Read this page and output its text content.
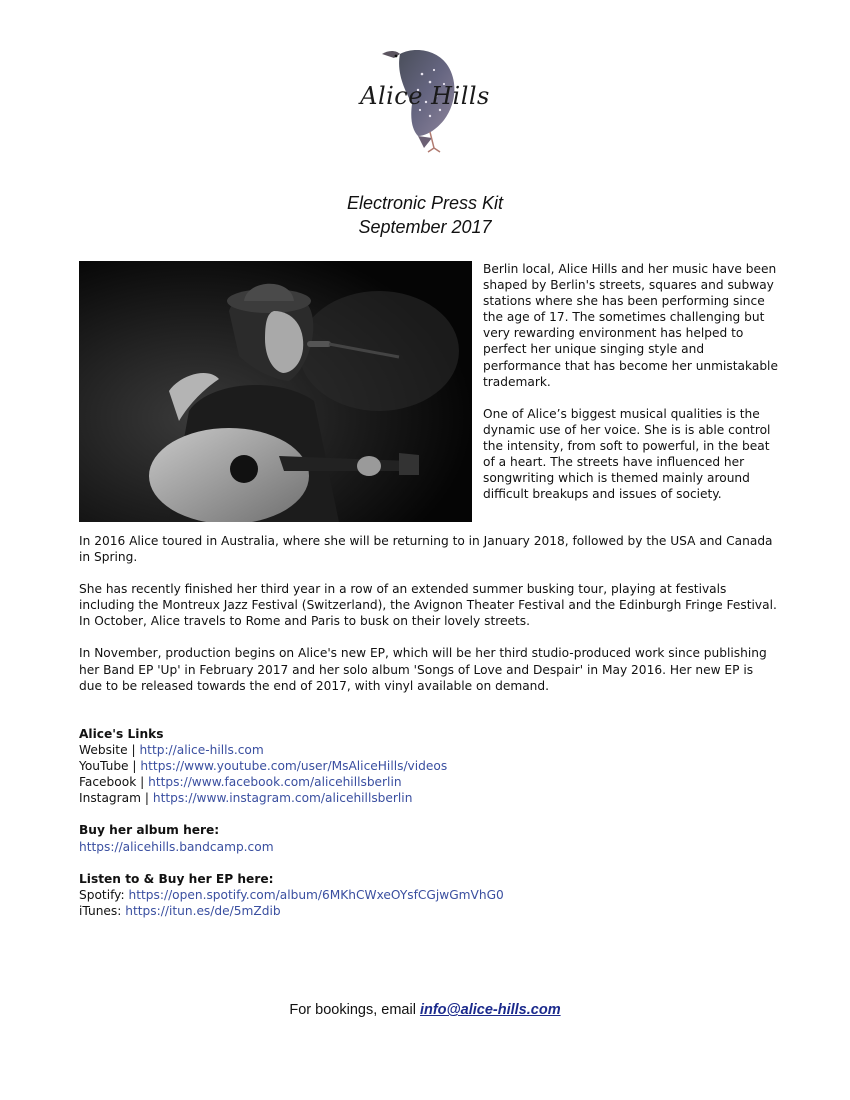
Alice Hills
Electronic Press Kit
September 2017

Berlin local, Alice Hills and her music have been shaped by Berlin's streets, squares and subway stations where she has been performing since the age of 17. The sometimes challenging but very rewarding environment has helped to perfect her unique singing style and performance that has become her unmistakable trademark.

One of Alice’s biggest musical qualities is the dynamic use of her voice. She is is able control the intensity, from soft to powerful, in the beat of a heart. The streets have influenced her songwriting which is themed mainly around difficult breakups and issues of society.

In 2016 Alice toured in Australia, where she will be returning to in January 2018, followed by the USA and Canada in Spring.

She has recently finished her third year in a row of an extended summer busking tour, playing at festivals including the Montreux Jazz Festival (Switzerland), the Avignon Theater Festival and the Edinburgh Fringe Festival. In October, Alice travels to Rome and Paris to busk on their lovely streets.

In November, production begins on Alice's new EP, which will be her third studio-produced work since publishing her Band EP 'Up' in February 2017 and her solo album 'Songs of Love and Despair' in May 2016. Her new EP is due to be released towards the end of 2017, with vinyl available on demand.

Alice's Links
Website | http://alice-hills.com
YouTube | https://www.youtube.com/user/MsAliceHills/videos
Facebook | https://www.facebook.com/alicehillsberlin
Instagram | https://www.instagram.com/alicehillsberlin
Buy her album here:
https://alicehills.bandcamp.com
Listen to & Buy her EP here:
Spotify: https://open.spotify.com/album/6MKhCWxeOYsfCGjwGmVhG0
iTunes: https://itun.es/de/5mZdib
For bookings, email info@alice-hills.com
